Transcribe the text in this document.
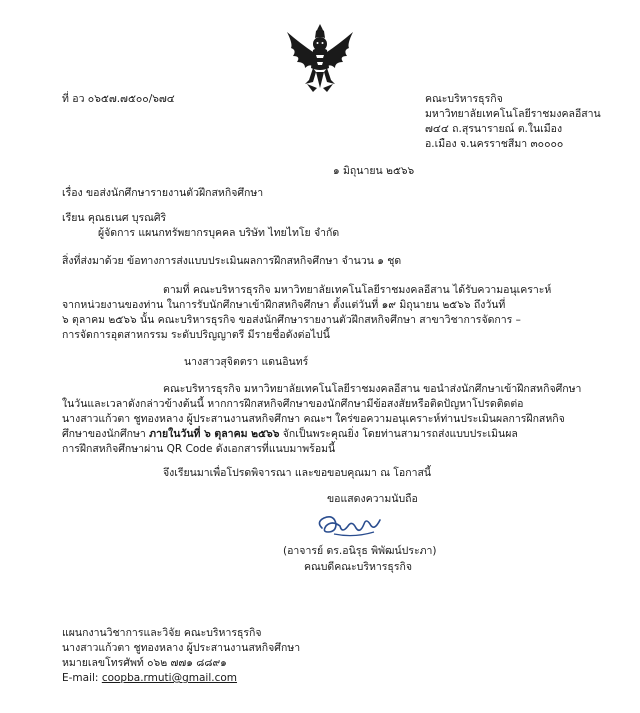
ที่ อว ๐๖๕๗.๗๕๐๐/๖๗๔	คณะบริหารธุรกิจ
มหาวิทยาลัยเทคโนโลยีราชมงคลอีสาน
๗๔๔ ถ.สุรนารายณ์ ต.ในเมือง
อ.เมือง จ.นครราชสีมา ๓๐๐๐๐
๑ มิถุนายน ๒๕๖๖
เรื่อง ขอส่งนักศึกษารายงานตัวฝึกสหกิจศึกษา
เรียน คุณธเนศ บุรณศิริ
ผู้จัดการ แผนกทรัพยากรบุคคล บริษัท ไทยไทโย จำกัด
สิ่งที่ส่งมาด้วย ข้อทางการส่งแบบประเมินผลการฝึกสหกิจศึกษา จำนวน ๑ ชุด
ตามที่ คณะบริหารธุรกิจ มหาวิทยาลัยเทคโนโลยีราชมงคลอีสาน ได้รับความอนุเคราะห์
จากหน่วยงานของท่าน ในการรับนักศึกษาเข้าฝึกสหกิจศึกษา ตั้งแต่วันที่ ๑๙ มิถุนายน ๒๕๖๖ ถึงวันที่
๖ ตุลาคม ๒๕๖๖ นั้น คณะบริหารธุรกิจ ขอส่งนักศึกษารายงานตัวฝึกสหกิจศึกษา สาขาวิชาการจัดการ –
การจัดการอุตสาหกรรม ระดับปริญญาตรี มีรายชื่อดังต่อไปนี้
นางสาวสุจิตตรา แดนอินทร์
คณะบริหารธุรกิจ มหาวิทยาลัยเทคโนโลยีราชมงคลอีสาน ขอนำส่งนักศึกษาเข้าฝึกสหกิจศึกษา
ในวันและเวลาดังกล่าวข้างต้นนี้ หากการฝึกสหกิจศึกษาของนักศึกษามีข้อสงสัยหรือติดปัญหาโปรดติดต่อ
นางสาวแก้วตา ชูทองหลาง ผู้ประสานงานสหกิจศึกษา คณะฯ ใคร่ขอความอนุเคราะห์ท่านประเมินผลการฝึกสหกิจ
ศึกษาของนักศึกษา ภายในวันที่ ๖ ตุลาคม ๒๕๖๖ จักเป็นพระคุณยิ่ง โดยท่านสามารถส่งแบบประเมินผล
การฝึกสหกิจศึกษาผ่าน QR Code ดังเอกสารที่แนบมาพร้อมนี้
จึงเรียนมาเพื่อโปรดพิจารณา และขอขอบคุณมา ณ โอกาสนี้
ขอแสดงความนับถือ
(อาจารย์ ดร.อนิรุธ พิพัฒน์ประภา)
คณบดีคณะบริหารธุรกิจ
แผนกงานวิชาการและวิจัย คณะบริหารธุรกิจ
นางสาวแก้วตา ชูทองหลาง ผู้ประสานงานสหกิจศึกษา
หมายเลขโทรศัพท์ ๐๖๒ ๗๗๑ ๘๘๙๑
E-mail: coopba.rmuti@gmail.com
